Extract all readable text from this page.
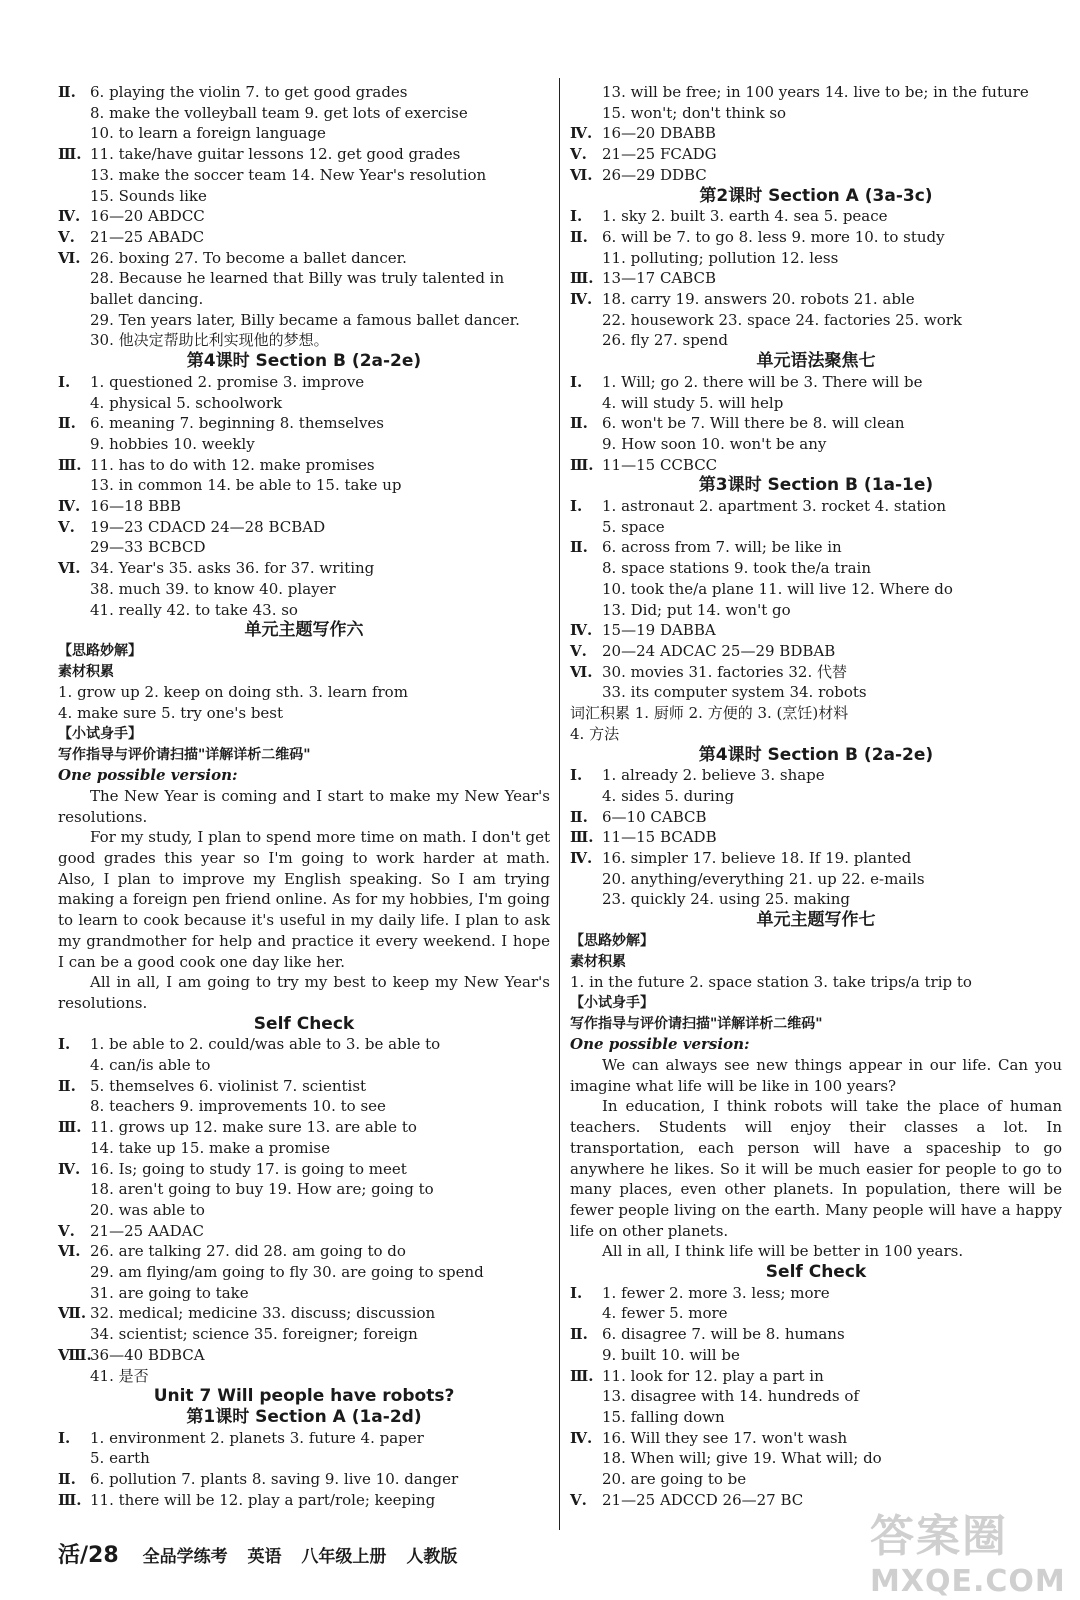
Ⅱ. 6. playing the violin 7. to get good grades
8. make the volleyball team 9. get lots of exercise
10. to learn a foreign language
Ⅲ. 11. take/have guitar lessons 12. get good grades
13. make the soccer team 14. New Year's resolution
15. Sounds like
Ⅳ. 16—20 ABDCC
Ⅴ. 21—25 ABADC
Ⅵ. 26. boxing 27. To become a ballet dancer.
28. Because he learned that Billy was truly talented in
ballet dancing.
29. Ten years later, Billy became a famous ballet dancer.
30. 他决定帮助比利实现他的梦想。
第4课时 Section B (2a-2e)
Ⅰ. 1. questioned 2. promise 3. improve
4. physical 5. schoolwork
Ⅱ. 6. meaning 7. beginning 8. themselves
9. hobbies 10. weekly
Ⅲ. 11. has to do with 12. make promises
13. in common 14. be able to 15. take up
Ⅳ. 16—18 BBB
Ⅴ. 19—23 CDACD 24—28 BCBAD
29—33 BCBCD
Ⅵ. 34. Year's 35. asks 36. for 37. writing
38. much 39. to know 40. player
41. really 42. to take 43. so
单元主题写作六
【思路妙解】
素材积累
1. grow up 2. keep on doing sth. 3. learn from
4. make sure 5. try one's best
【小试身手】
写作指导与评价请扫描"详解详析二维码"
One possible version:
The New Year is coming and I start to make my New Year's resolutions.
For my study, I plan to spend more time on math. I don't get good grades this year so I'm going to work harder at math. Also, I plan to improve my English speaking. So I am trying making a foreign pen friend online. As for my hobbies, I'm going to learn to cook because it's useful in my daily life. I plan to ask my grandmother for help and practice it every weekend. I hope I can be a good cook one day like her.
All in all, I am going to try my best to keep my New Year's resolutions.
Self Check
Ⅰ. 1. be able to 2. could/was able to 3. be able to
4. can/is able to
Ⅱ. 5. themselves 6. violinist 7. scientist
8. teachers 9. improvements 10. to see
Ⅲ. 11. grows up 12. make sure 13. are able to
14. take up 15. make a promise
Ⅳ. 16. Is; going to study 17. is going to meet
18. aren't going to buy 19. How are; going to
20. was able to
Ⅴ. 21—25 AADAC
Ⅵ. 26. are talking 27. did 28. am going to do
29. am flying/am going to fly 30. are going to spend
31. are going to take
Ⅶ. 32. medical; medicine 33. discuss; discussion
34. scientist; science 35. foreigner; foreign
Ⅷ.36—40 BDBCA
41. 是否
Unit 7 Will people have robots?
第1课时 Section A (1a-2d)
Ⅰ. 1. environment 2. planets 3. future 4. paper
5. earth
Ⅱ. 6. pollution 7. plants 8. saving 9. live 10. danger
Ⅲ. 11. there will be 12. play a part/role; keeping
13. will be free; in 100 years 14. live to be; in the future
15. won't; don't think so
Ⅳ. 16—20 DBABB
Ⅴ. 21—25 FCADG
Ⅵ. 26—29 DDBC
第2课时 Section A (3a-3c)
Ⅰ. 1. sky 2. built 3. earth 4. sea 5. peace
Ⅱ. 6. will be 7. to go 8. less 9. more 10. to study
11. polluting; pollution 12. less
Ⅲ. 13—17 CABCB
Ⅳ. 18. carry 19. answers 20. robots 21. able
22. housework 23. space 24. factories 25. work
26. fly 27. spend
单元语法聚焦七
Ⅰ. 1. Will; go 2. there will be 3. There will be
4. will study 5. will help
Ⅱ. 6. won't be 7. Will there be 8. will clean
9. How soon 10. won't be any
Ⅲ. 11—15 CCBCC
第3课时 Section B (1a-1e)
Ⅰ. 1. astronaut 2. apartment 3. rocket 4. station
5. space
Ⅱ. 6. across from 7. will; be like in
8. space stations 9. took the/a train
10. took the/a plane 11. will live 12. Where do
13. Did; put 14. won't go
Ⅳ. 15—19 DABBA
Ⅴ. 20—24 ADCAC 25—29 BDBAB
Ⅵ. 30. movies 31. factories 32. 代替
33. its computer system 34. robots
词汇积累 1. 厨师 2. 方便的 3. (烹饪)材料
4. 方法
第4课时 Section B (2a-2e)
Ⅰ. 1. already 2. believe 3. shape
4. sides 5. during
Ⅱ. 6—10 CABCB
Ⅲ. 11—15 BCADB
Ⅳ. 16. simpler 17. believe 18. If 19. planted
20. anything/everything 21. up 22. e-mails
23. quickly 24. using 25. making
单元主题写作七
【思路妙解】
素材积累
1. in the future 2. space station 3. take trips/a trip to
【小试身手】
写作指导与评价请扫描"详解详析二维码"
One possible version:
We can always see new things appear in our life. Can you imagine what life will be like in 100 years?
In education, I think robots will take the place of human teachers. Students will enjoy their classes a lot. In transportation, each person will have a spaceship to go anywhere he likes. So it will be much easier for people to go to many places, even other planets. In population, there will be fewer people living on the earth. Many people will have a happy life on other planets.
All in all, I think life will be better in 100 years.
Self Check
Ⅰ. 1. fewer 2. more 3. less; more
4. fewer 5. more
Ⅱ. 6. disagree 7. will be 8. humans
9. built 10. will be
Ⅲ. 11. look for 12. play a part in
13. disagree with 14. hundreds of
15. falling down
Ⅳ. 16. Will they see 17. won't wash
18. When will; give 19. What will; do
20. are going to be
Ⅴ. 21—25 ADCCD 26—27 BC
活/28 全品学练考 英语 八年级上册 人教版	答案圈
MXQE.COM
